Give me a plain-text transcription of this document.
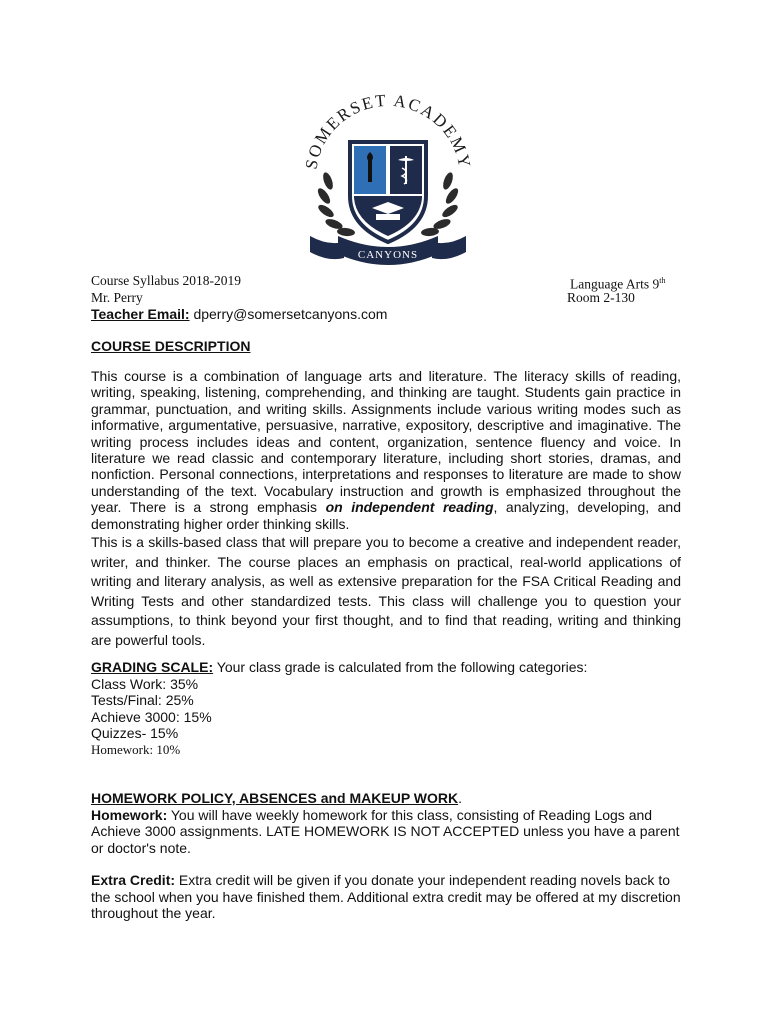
SOMERSET ACADEMY
CANYONS
Course Syllabus 2018-2019
Mr. Perry
Language Arts 9th
Room 2-130
Teacher Email: dperry@somersetcanyons.com
COURSE DESCRIPTION
This course is a combination of language arts and literature. The literacy skills of reading, writing, speaking, listening, comprehending, and thinking are taught. Students gain practice in grammar, punctuation, and writing skills. Assignments include various writing modes such as informative, argumentative, persuasive, narrative, expository, descriptive and imaginative. The writing process includes ideas and content, organization, sentence fluency and voice. In literature we read classic and contemporary literature, including short stories, dramas, and nonfiction. Personal connections, interpretations and responses to literature are made to show understanding of the text. Vocabulary instruction and growth is emphasized throughout the year. There is a strong emphasis on independent reading, analyzing, developing, and demonstrating higher order thinking skills.
This is a skills-based class that will prepare you to become a creative and independent reader, writer, and thinker. The course places an emphasis on practical, real-world applications of writing and literary analysis, as well as extensive preparation for the FSA Critical Reading and Writing Tests and other standardized tests. This class will challenge you to question your assumptions, to think beyond your first thought, and to find that reading, writing and thinking are powerful tools.
GRADING SCALE: Your class grade is calculated from the following categories:
Class Work: 35%
Tests/Final: 25%
Achieve 3000: 15%
Quizzes- 15%
Homework: 10%
HOMEWORK POLICY, ABSENCES and MAKEUP WORK.
Homework: You will have weekly homework for this class, consisting of Reading Logs and Achieve 3000 assignments. LATE HOMEWORK IS NOT ACCEPTED unless you have a parent or doctor's note.
Extra Credit: Extra credit will be given if you donate your independent reading novels back to the school when you have finished them. Additional extra credit may be offered at my discretion throughout the year.
